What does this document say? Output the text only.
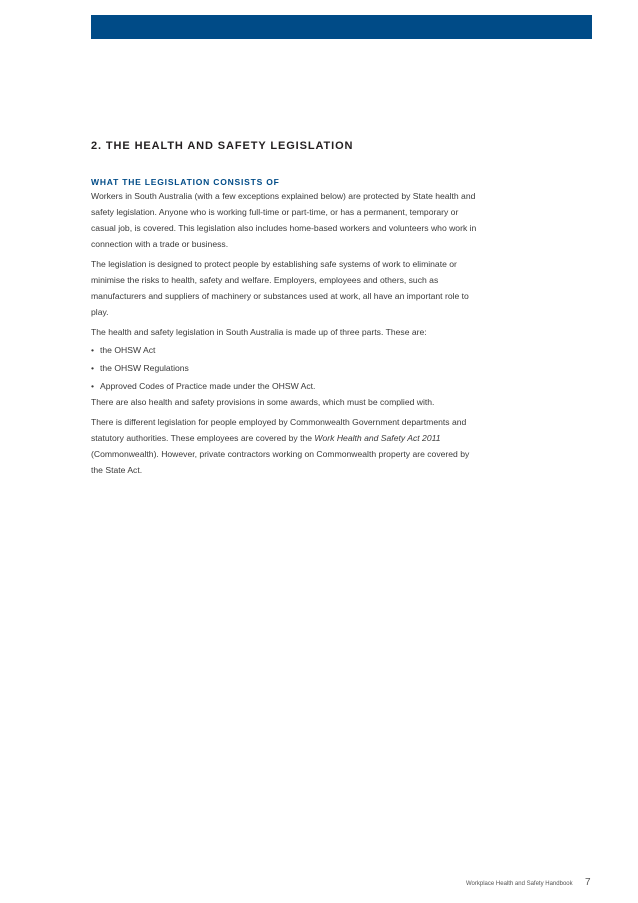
2. THE HEALTH AND SAFETY LEGISLATION
WHAT THE LEGISLATION CONSISTS OF

Workers in South Australia (with a few exceptions explained below) are protected by State health and safety legislation. Anyone who is working full-time or part-time, or has a permanent, temporary or casual job, is covered. This legislation also includes home-based workers and volunteers who work in connection with a trade or business.

The legislation is designed to protect people by establishing safe systems of work to eliminate or minimise the risks to health, safety and welfare. Employers, employees and others, such as manufacturers and suppliers of machinery or substances used at work, all have an important role to play.

The health and safety legislation in South Australia is made up of three parts. These are:

• the OHSW Act
• the OHSW Regulations
• Approved Codes of Practice made under the OHSW Act.

There are also health and safety provisions in some awards, which must be complied with.

There is different legislation for people employed by Commonwealth Government departments and statutory authorities. These employees are covered by the Work Health and Safety Act 2011 (Commonwealth). However, private contractors working on Commonwealth property are covered by the State Act.

Workplace Health and Safety Handbook 7
